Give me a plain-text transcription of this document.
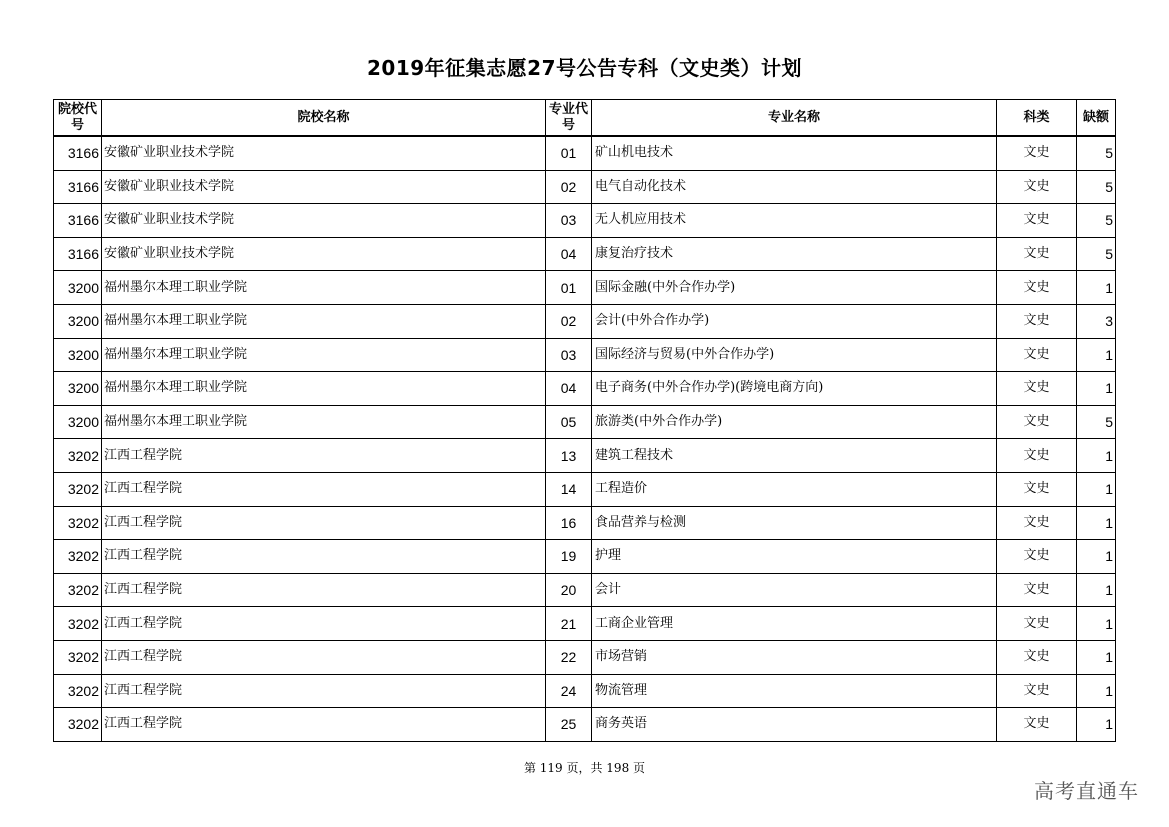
2019年征集志愿27号公告专科（文史类）计划
院校代号	院校名称	专业代号	专业名称	科类	缺额
3166	安徽矿业职业技术学院	01	矿山机电技术	文史	5
3166	安徽矿业职业技术学院	02	电气自动化技术	文史	5
3166	安徽矿业职业技术学院	03	无人机应用技术	文史	5
3166	安徽矿业职业技术学院	04	康复治疗技术	文史	5
3200	福州墨尔本理工职业学院	01	国际金融(中外合作办学)	文史	1
3200	福州墨尔本理工职业学院	02	会计(中外合作办学)	文史	3
3200	福州墨尔本理工职业学院	03	国际经济与贸易(中外合作办学)	文史	1
3200	福州墨尔本理工职业学院	04	电子商务(中外合作办学)(跨境电商方向)	文史	1
3200	福州墨尔本理工职业学院	05	旅游类(中外合作办学)	文史	5
3202	江西工程学院	13	建筑工程技术	文史	1
3202	江西工程学院	14	工程造价	文史	1
3202	江西工程学院	16	食品营养与检测	文史	1
3202	江西工程学院	19	护理	文史	1
3202	江西工程学院	20	会计	文史	1
3202	江西工程学院	21	工商企业管理	文史	1
3202	江西工程学院	22	市场营销	文史	1
3202	江西工程学院	24	物流管理	文史	1
3202	江西工程学院	25	商务英语	文史	1
第 119 页，共 198 页
高考直通车
